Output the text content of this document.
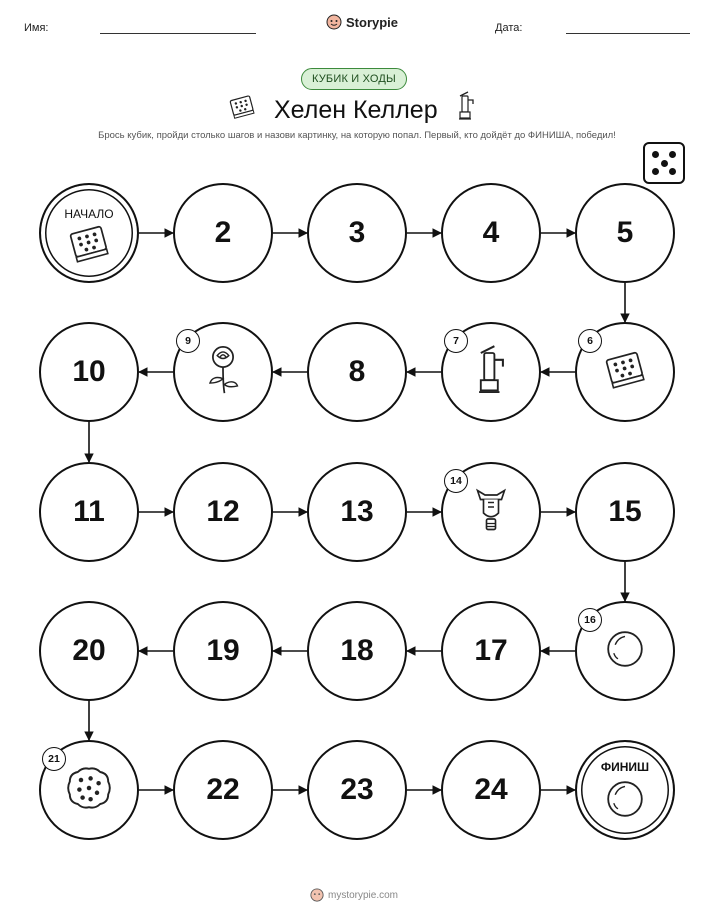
Имя:	Storypie	Дата:
КУБИК И ХОДЫ
Хелен Келлер
Брось кубик, пройди столько шагов и назови картинку, на которую попал. Первый, кто дойдёт до ФИНИША, победил!
НАЧАЛО
2	3	4	5
6
7
8
9
10
11	12	13
14
15
16
17
18
19
20
21
22	23	24
ФИНИШ
mystorypie.com
